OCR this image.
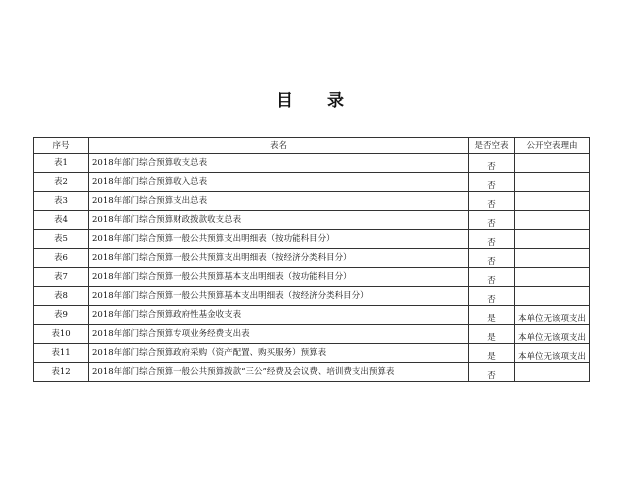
目 录
序号	表名	是否空表	公开空表理由
表1	2018年部门综合预算收支总表	否	
表2	2018年部门综合预算收入总表	否	
表3	2018年部门综合预算支出总表	否	
表4	2018年部门综合预算财政拨款收支总表	否	
表5	2018年部门综合预算一般公共预算支出明细表（按功能科目分）	否	
表6	2018年部门综合预算一般公共预算支出明细表（按经济分类科目分）	否	
表7	2018年部门综合预算一般公共预算基本支出明细表（按功能科目分）	否	
表8	2018年部门综合预算一般公共预算基本支出明细表（按经济分类科目分）	否	
表9	2018年部门综合预算政府性基金收支表	是	本单位无该项支出
表10	2018年部门综合预算专项业务经费支出表	是	本单位无该项支出
表11	2018年部门综合预算政府采购（资产配置、购买服务）预算表	是	本单位无该项支出
表12	2018年部门综合预算一般公共预算拨款“三公”经费及会议费、培训费支出预算表	否	
